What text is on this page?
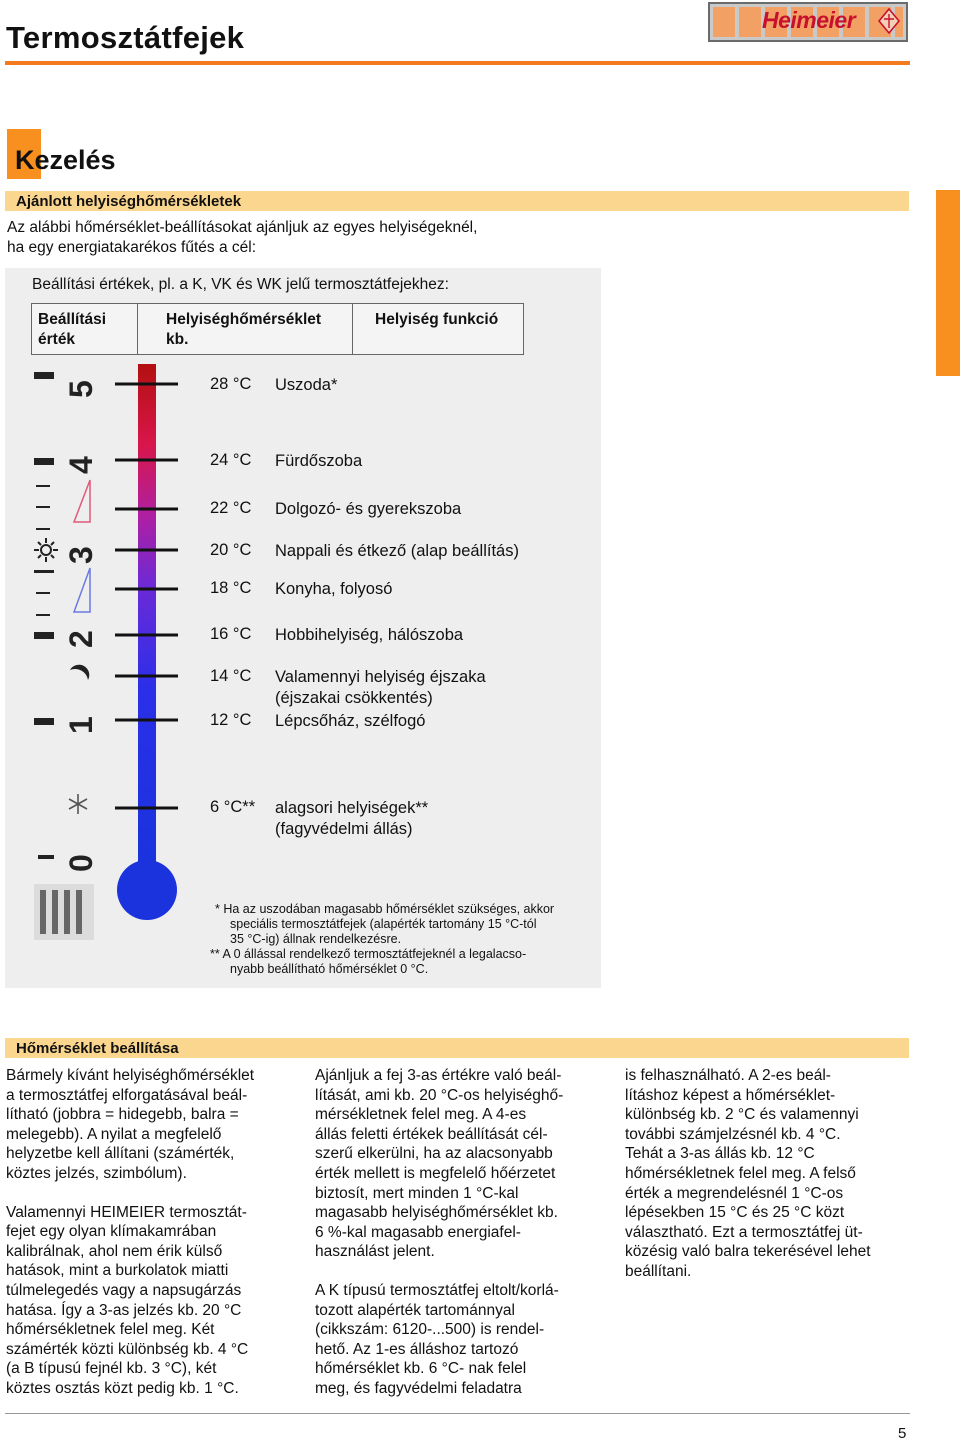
Termosztátfejek	Heimeier
Kezelés
Ajánlott helyiséghőmérsékletek
Az alábbi hőmérséklet-beállításokat ajánljuk az egyes helyiségeknél,
ha egy energiatakarékos fűtés a cél:
Beállítási értékek, pl. a K, VK és WK jelű termosztátfejekhez:
Beállítási
érték
Helyiséghőmérséklet
kb.
Helyiség funkció
5
4
3
2
1
0
28 °C Uszoda*
24 °C Fürdőszoba
22 °C Dolgozó- és gyerekszoba
20 °C Nappali és étkező (alap beállítás)
18 °C Konyha, folyosó
16 °C Hobbihelyiség, hálószoba
14 °C Valamennyi helyiség éjszaka
(éjszakai csökkentés)
12 °C Lépcsőház, szélfogó
6 °C** alagsori helyiségek**
(fagyvédelmi állás)
* Ha az uszodában magasabb hőmérséklet szükséges, akkor
speciális termosztátfejek (alapérték tartomány 15 °C-tól
35 °C-ig) állnak rendelkezésre.
** A 0 állással rendelkező termosztátfejeknél a legalacso-
nyabb beállítható hőmérséklet 0 °C.
Hőmérséklet beállítása

Bármely kívánt helyiséghőmérséklet
a termosztátfej elforgatásával beál-
lítható (jobbra = hidegebb, balra =
melegebb). A nyilat a megfelelő
helyzetbe kell állítani (számérték,
köztes jelzés, szimbólum).

Valamennyi HEIMEIER termosztát-
fejet egy olyan klímakamrában
kalibrálnak, ahol nem érik külső
hatások, mint a burkolatok miatti
túlmelegedés vagy a napsugárzás
hatása. Így a 3-as jelzés kb. 20 °C
hőmérsékletnek felel meg. Két
számérték közti különbség kb. 4 °C
(a B típusú fejnél kb. 3 °C), két
köztes osztás közt pedig kb. 1 °C.

Ajánljuk a fej 3-as értékre való beál-
lítását, ami kb. 20 °C-os helyiséghő-
mérsékletnek felel meg. A 4-es
állás feletti értékek beállítását cél-
szerű elkerülni, ha az alacsonyabb
érték mellett is megfelelő hőérzetet
biztosít, mert minden 1 °C-kal
magasabb helyiséghőmérséklet kb.
6 %-kal magasabb energiafel-
használást jelent.

A K típusú termosztátfej eltolt/korlá-
tozott alapérték tartománnyal
(cikkszám: 6120-...500) is rendel-
hető. Az 1-es álláshoz tartozó
hőmérséklet kb. 6 °C- nak felel
meg, és fagyvédelmi feladatra

is felhasználható. A 2-es beál-
lításhoz képest a hőmérséklet-
különbség kb. 2 °C és valamennyi
további számjelzésnél kb. 4 °C.
Tehát a 3-as állás kb. 12 °C
hőmérsékletnek felel meg. A felső
érték a megrendelésnél 1 °C-os
lépésekben 15 °C és 25 °C közt
választható. Ezt a termosztátfej üt-
közésig való balra tekerésével lehet
beállítani.

5
